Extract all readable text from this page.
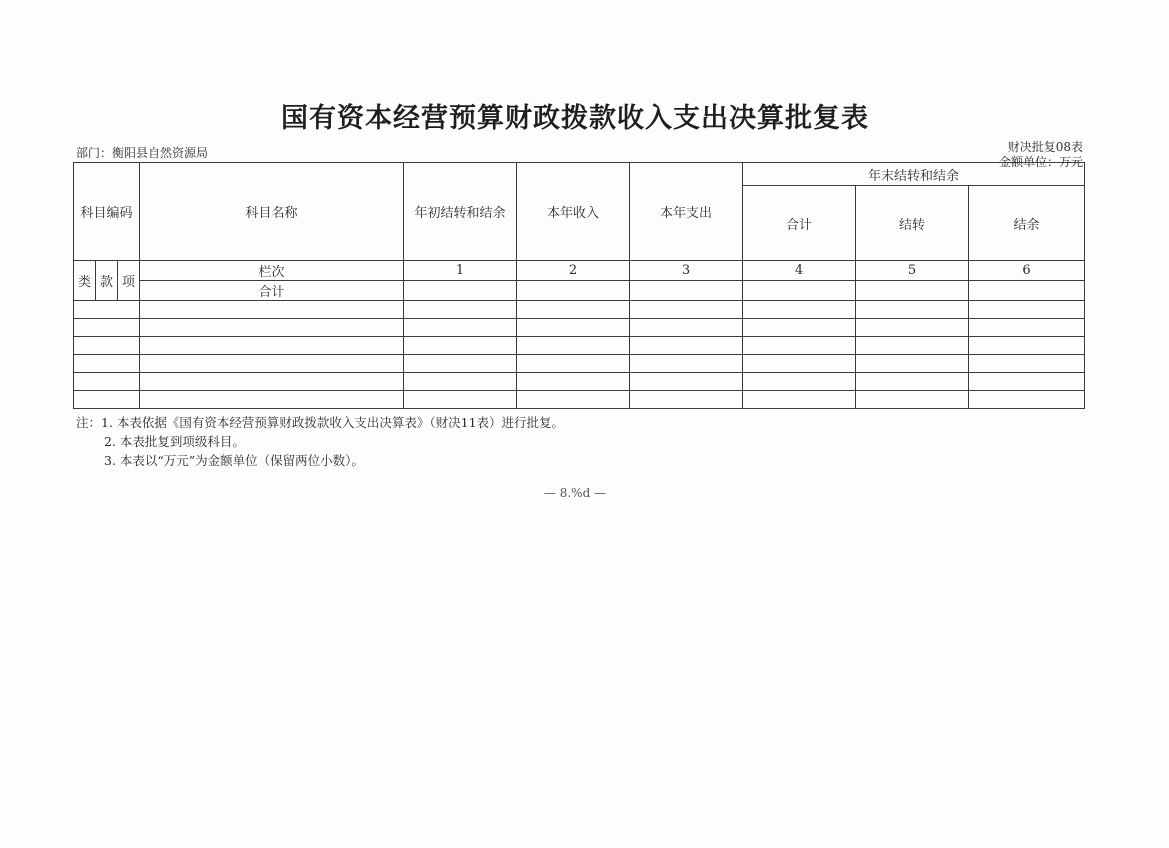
国有资本经营预算财政拨款收入支出决算批复表
部门：衡阳县自然资源局	财决批复08表
金额单位：万元
科目编码			科目名称	年初结转和结余	本年收入	本年支出	年末结转和结余		
							合计	结转	结余
类	款	项	栏次	1	2	3	4	5	6
			合计						

注：1. 本表依据《国有资本经营预算财政拨款收入支出决算表》（财决11表）进行批复。
2. 本表批复到项级科目。
3. 本表以“万元”为金额单位（保留两位小数）。
— 8.%d —
